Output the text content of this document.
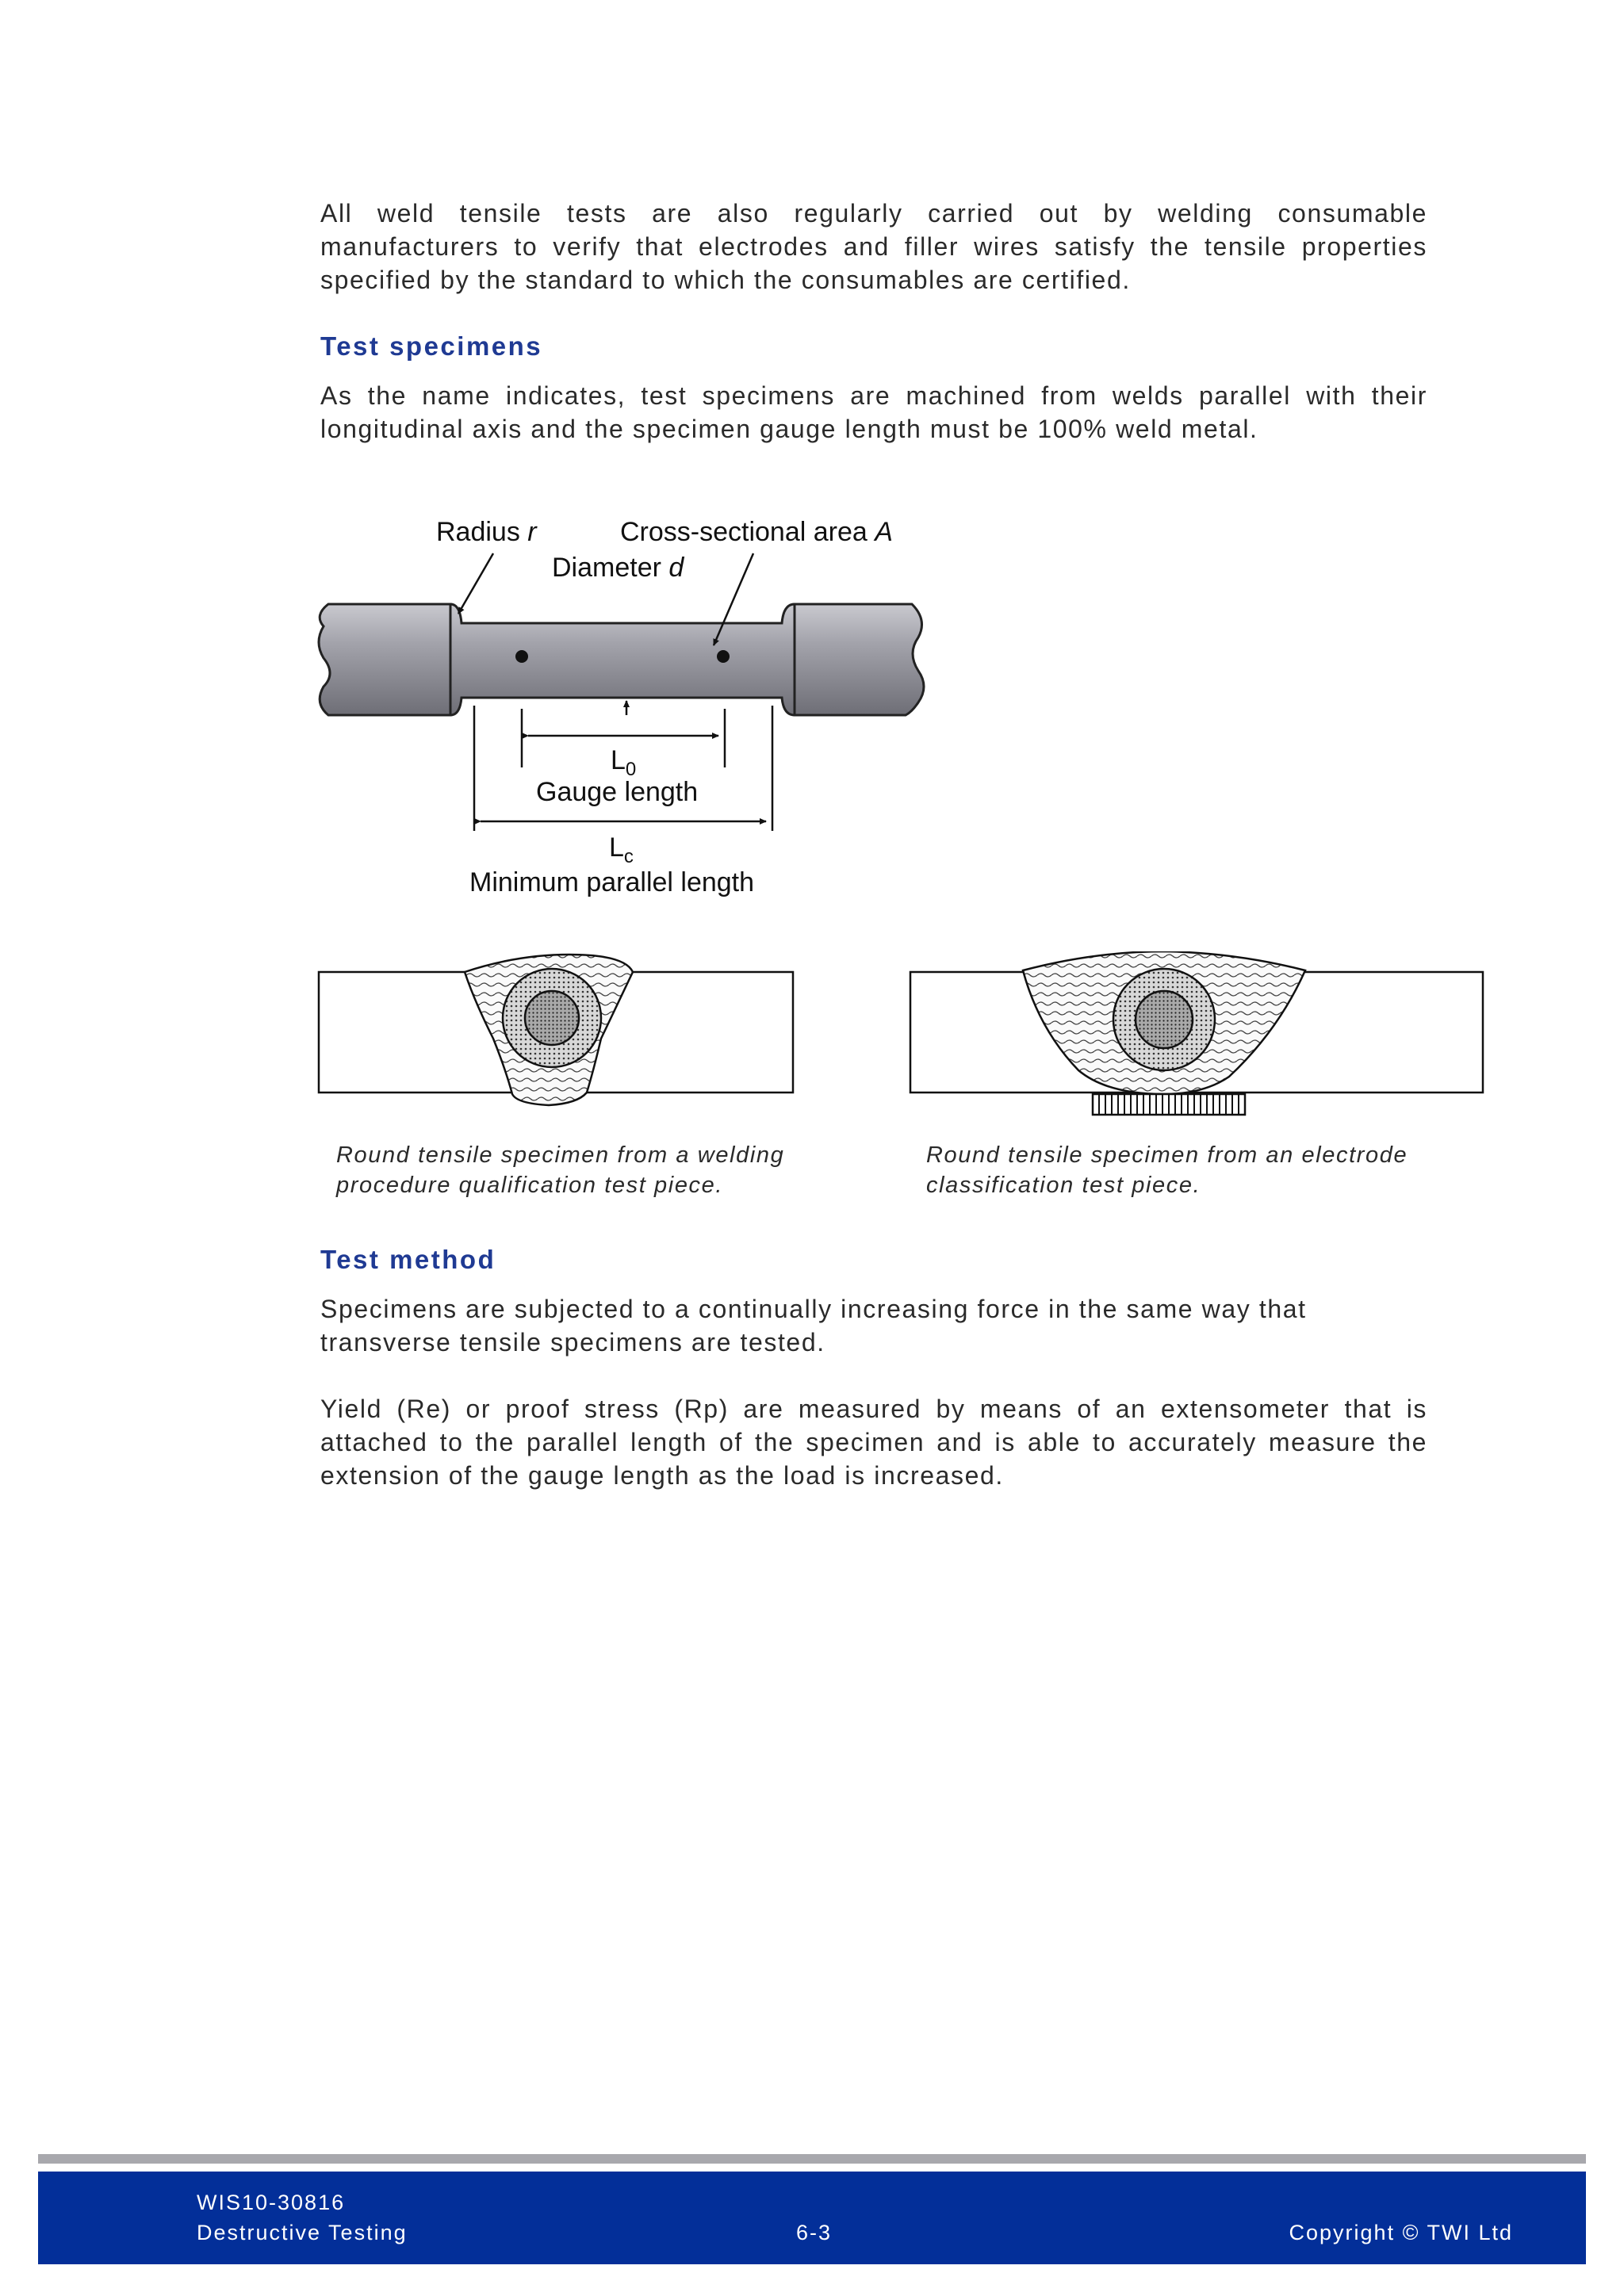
All weld tensile tests are also regularly carried out by welding consumable manufacturers to verify that electrodes and filler wires satisfy the tensile properties specified by the standard to which the consumables are certified.

Test specimens

As the name indicates, test specimens are machined from welds parallel with their longitudinal axis and the specimen gauge length must be 100% weld metal.

Radius r	Cross-sectional area A
Diameter d
$L_0$
Gauge length
$L_c$
Minimum parallel length

Round tensile specimen from a welding
procedure qualification test piece.

Round tensile specimen from an electrode
classification test piece.

Test method

Specimens are subjected to a continually increasing force in the same way that transverse tensile specimens are tested.

Yield (Re) or proof stress (Rp) are measured by means of an extensometer that is attached to the parallel length of the specimen and is able to accurately measure the extension of the gauge length as the load is increased.

WIS10-30816
Destructive Testing	6-3	Copyright © TWI Ltd
